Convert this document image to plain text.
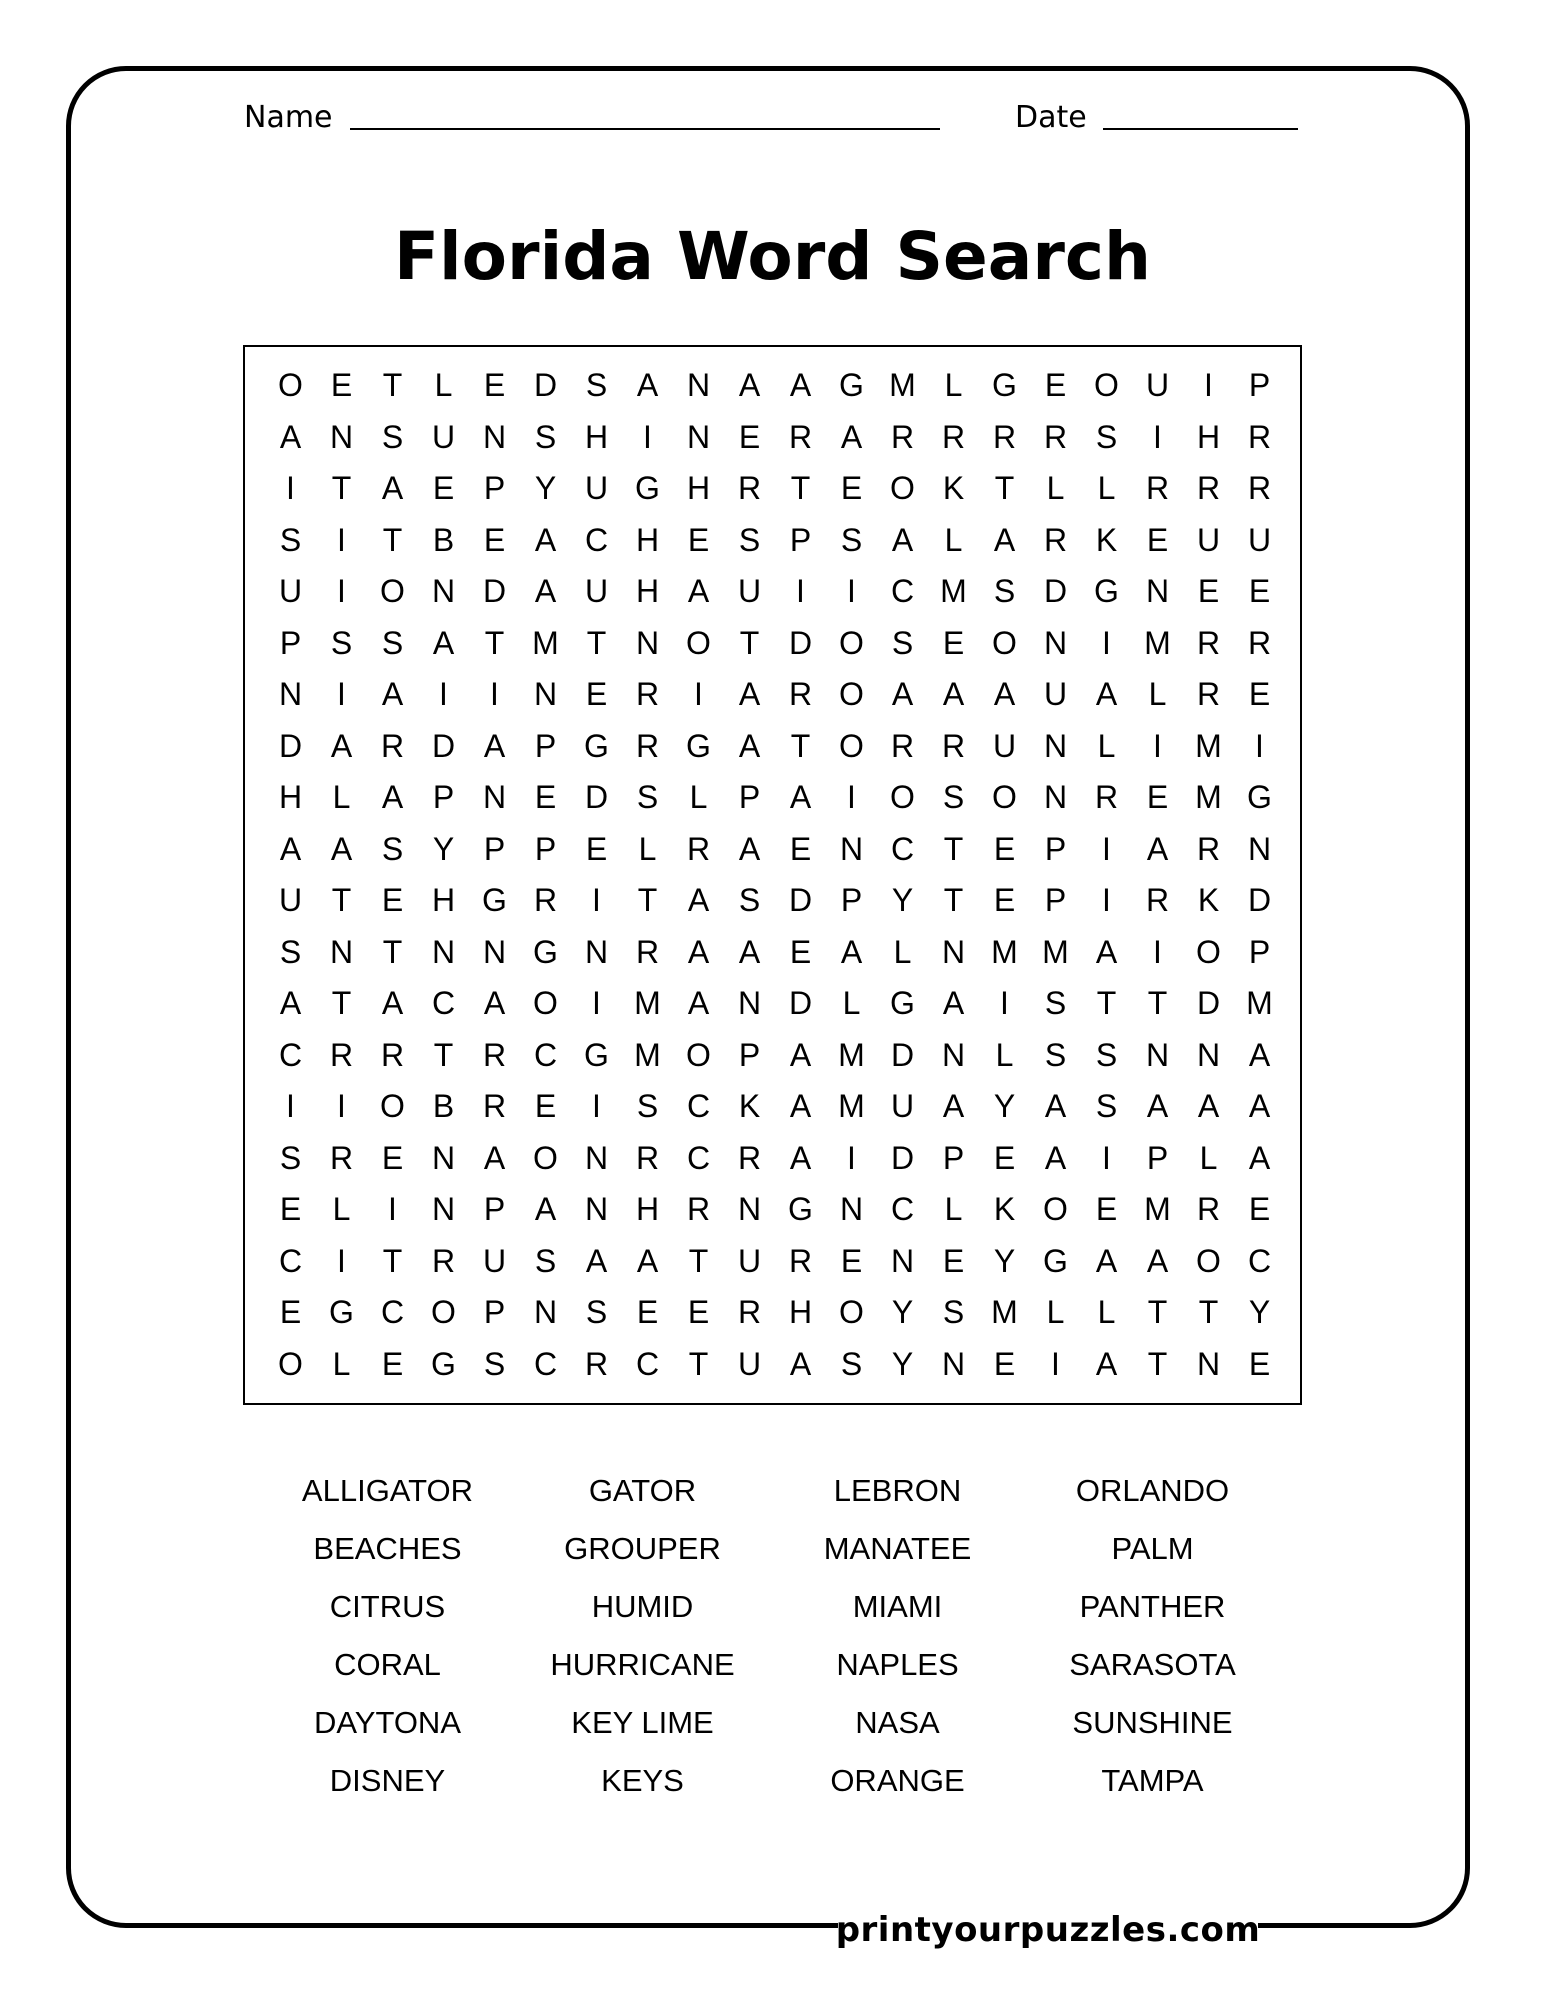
Name	Date
Florida Word Search
O E T	L E D S A N A A G M L G E O U	I	P
A N S U N S H	I	N E R A R R R R S	I	H R
I	T A E P Y U G H R T E O K T	L	L R R R
S	I	T B E A C H E S P S A L A R K E U U
U	I	O N D A U H A U	I	I	C M S D G N E E
P S S A T M T N O T D O S E O N	I	M R R
N	I	A	I	I	N E R	I	A R O A A A U A L R E
D A R D A P G R G A T O R R U N L	I	M	I
H L A P N E D S L P A	I	O S O N R E M G
A A S Y P P E L R A E N C T E P	I	A R N
U T E H G R	I	T A S D P Y T E P	I	R K D
S N T N N G N R A A E A L N M M A	I	O P
A T A C A O	I	M A N D L G A	I	S T T D M
C R R T R C G M O P A M D N L S S N N A
I	I	O B R E	I	S C K A M U A Y A S A A A
S R E N A O N R C R A	I	D P E A	I	P L A
E L	I	N P A N H R N G N C L K O E M R E
C	I	T R U S A A T U R E N E Y G A A O C
E G C O P N S E E R H O Y S M L	L	T T Y
O L E G S C R C T U A S Y N E	I	A T N E
ALLIGATOR	GATOR	LEBRON	ORLANDO
BEACHES	GROUPER	MANATEE	PALM
CITRUS	HUMID	MIAMI	PANTHER
CORAL	HURRICANE	NAPLES	SARASOTA
DAYTONA	KEY LIME	NASA	SUNSHINE
DISNEY	KEYS	ORANGE	TAMPA
printyourpuzzles.com
